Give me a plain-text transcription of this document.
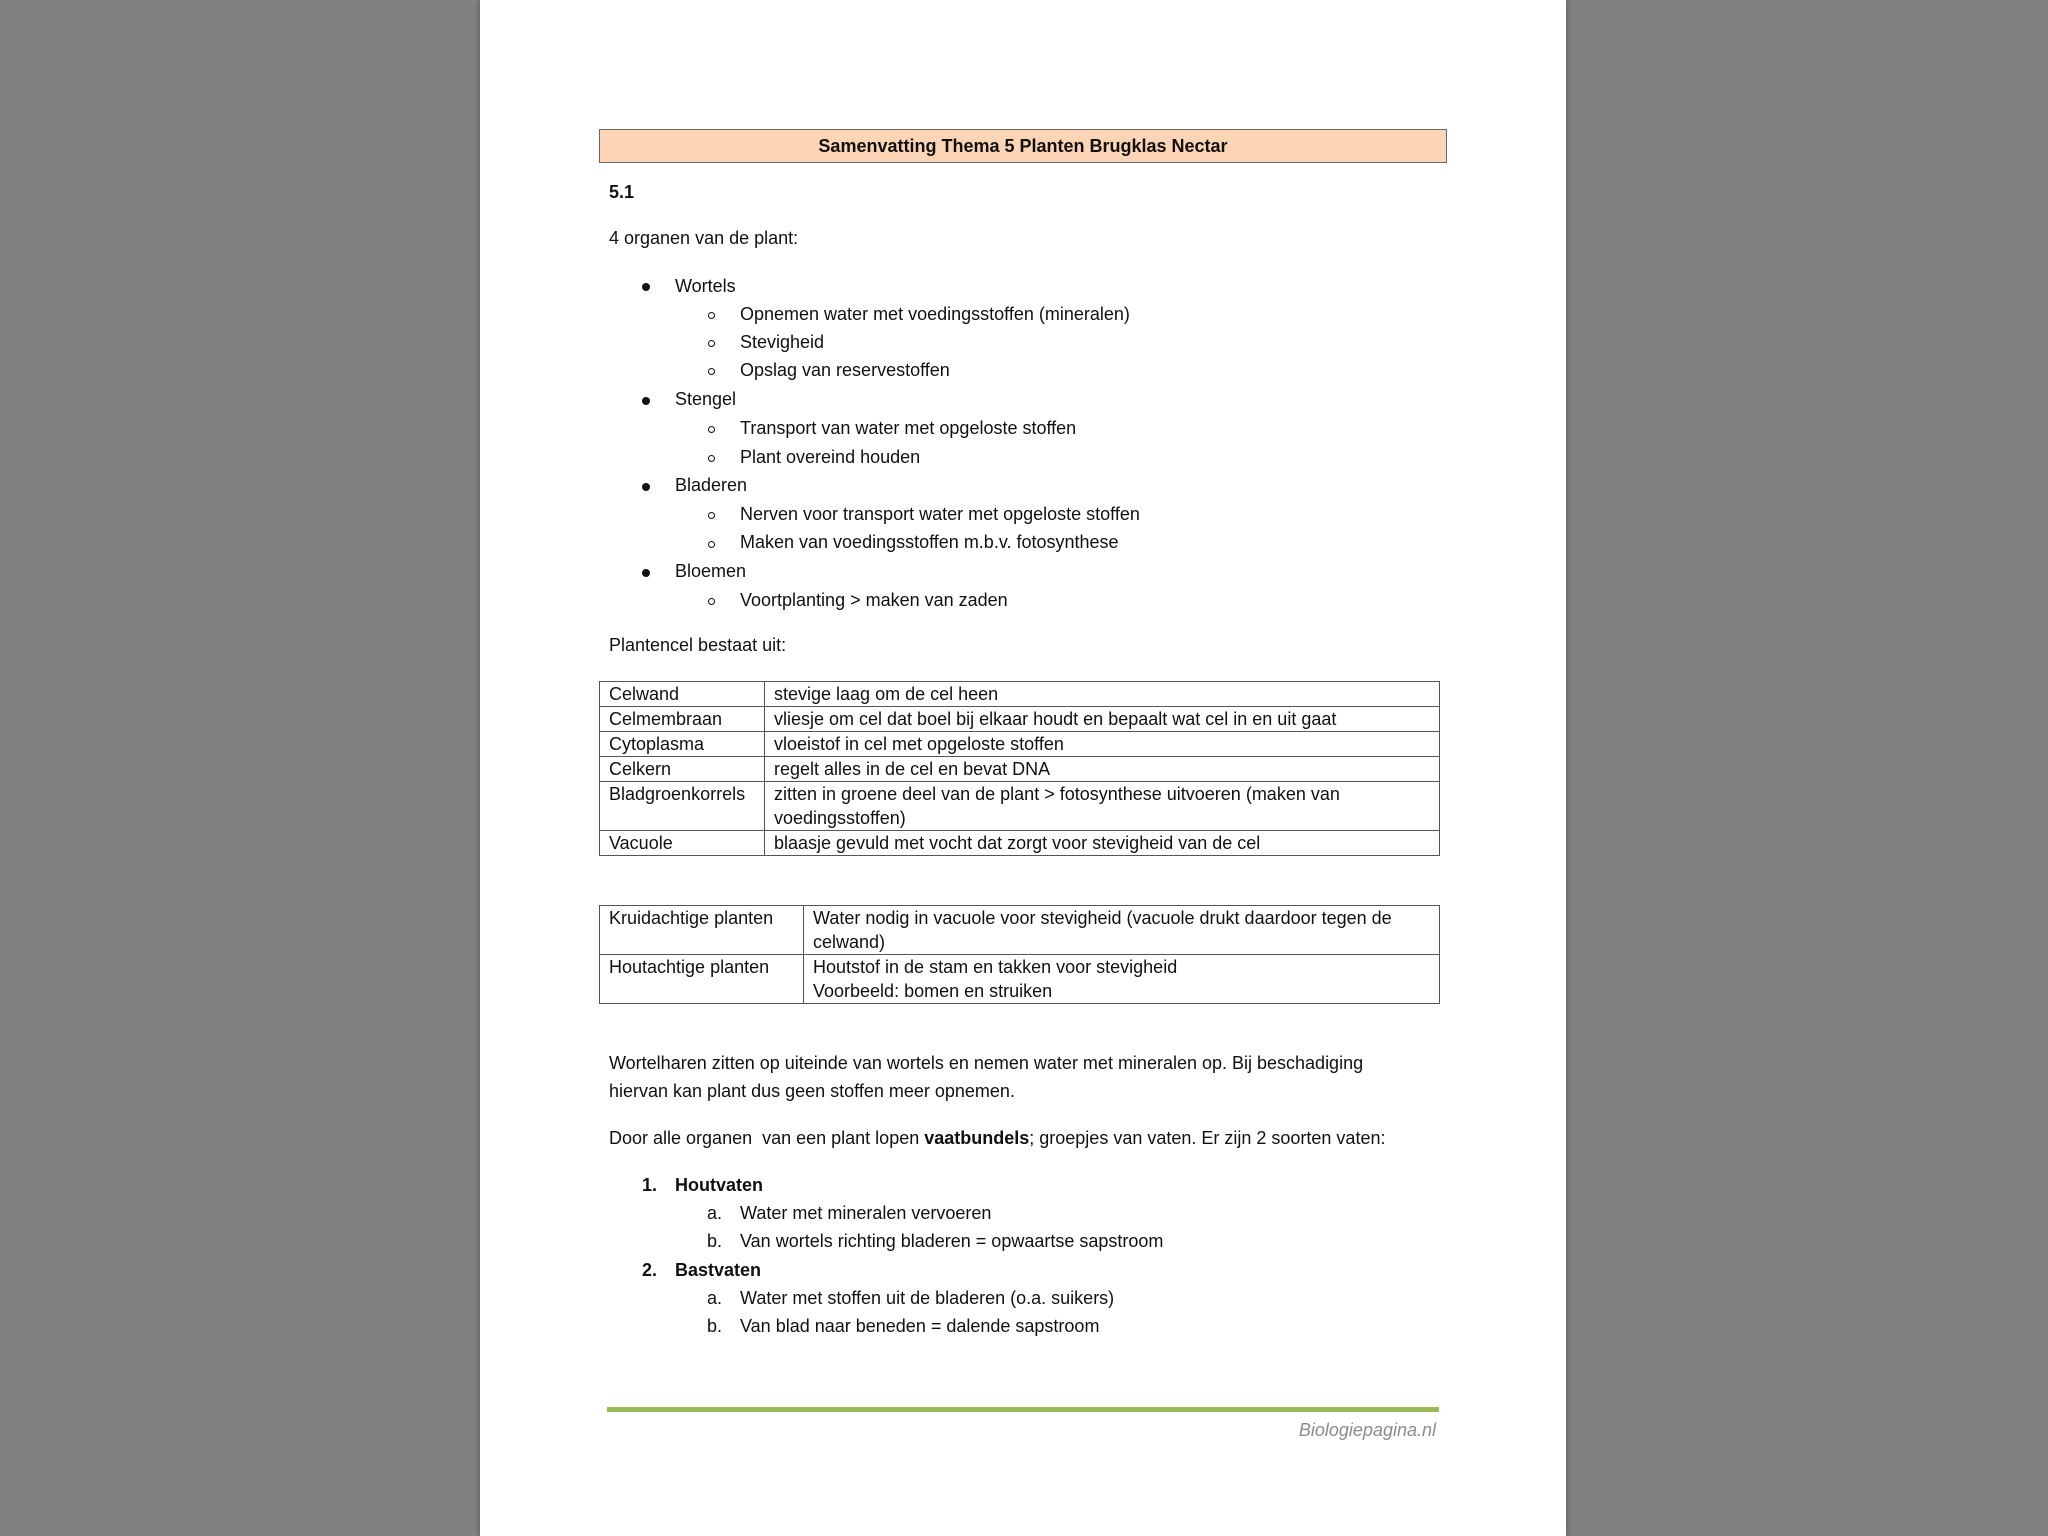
Samenvatting Thema 5 Planten Brugklas Nectar
5.1
4 organen van de plant:
Wortels
Opnemen water met voedingsstoffen (mineralen)
Stevigheid
Opslag van reservestoffen
Stengel
Transport van water met opgeloste stoffen
Plant overeind houden
Bladeren
Nerven voor transport water met opgeloste stoffen
Maken van voedingsstoffen m.b.v. fotosynthese
Bloemen
Voortplanting > maken van zaden
Plantencel bestaat uit:
Celwand	stevige laag om de cel heen

Celmembraan	vliesje om cel dat boel bij elkaar houdt en bepaalt wat cel in en uit gaat

Cytoplasma	vloeistof in cel met opgeloste stoffen

Celkern	regelt alles in de cel en bevat DNA

Bladgroenkorrels	zitten in groene deel van de plant > fotosynthese uitvoeren (maken van
voedingsstoffen)

Vacuole	blaasje gevuld met vocht dat zorgt voor stevigheid van de cel
Kruidachtige planten	Water nodig in vacuole voor stevigheid (vacuole drukt daardoor tegen de
celwand)

Houtachtige planten	Houtstof in de stam en takken voor stevigheid
Voorbeeld: bomen en struiken
Wortelharen zitten op uiteinde van wortels en nemen water met mineralen op. Bij beschadiging
hiervan kan plant dus geen stoffen meer opnemen.
Door alle organen  van een plant lopen vaatbundels; groepjes van vaten. Er zijn 2 soorten vaten:
1. Houtvaten
a. Water met mineralen vervoeren
b. Van wortels richting bladeren = opwaartse sapstroom
2. Bastvaten
a. Water met stoffen uit de bladeren (o.a. suikers)
b. Van blad naar beneden = dalende sapstroom
Biologiepagina.nl
